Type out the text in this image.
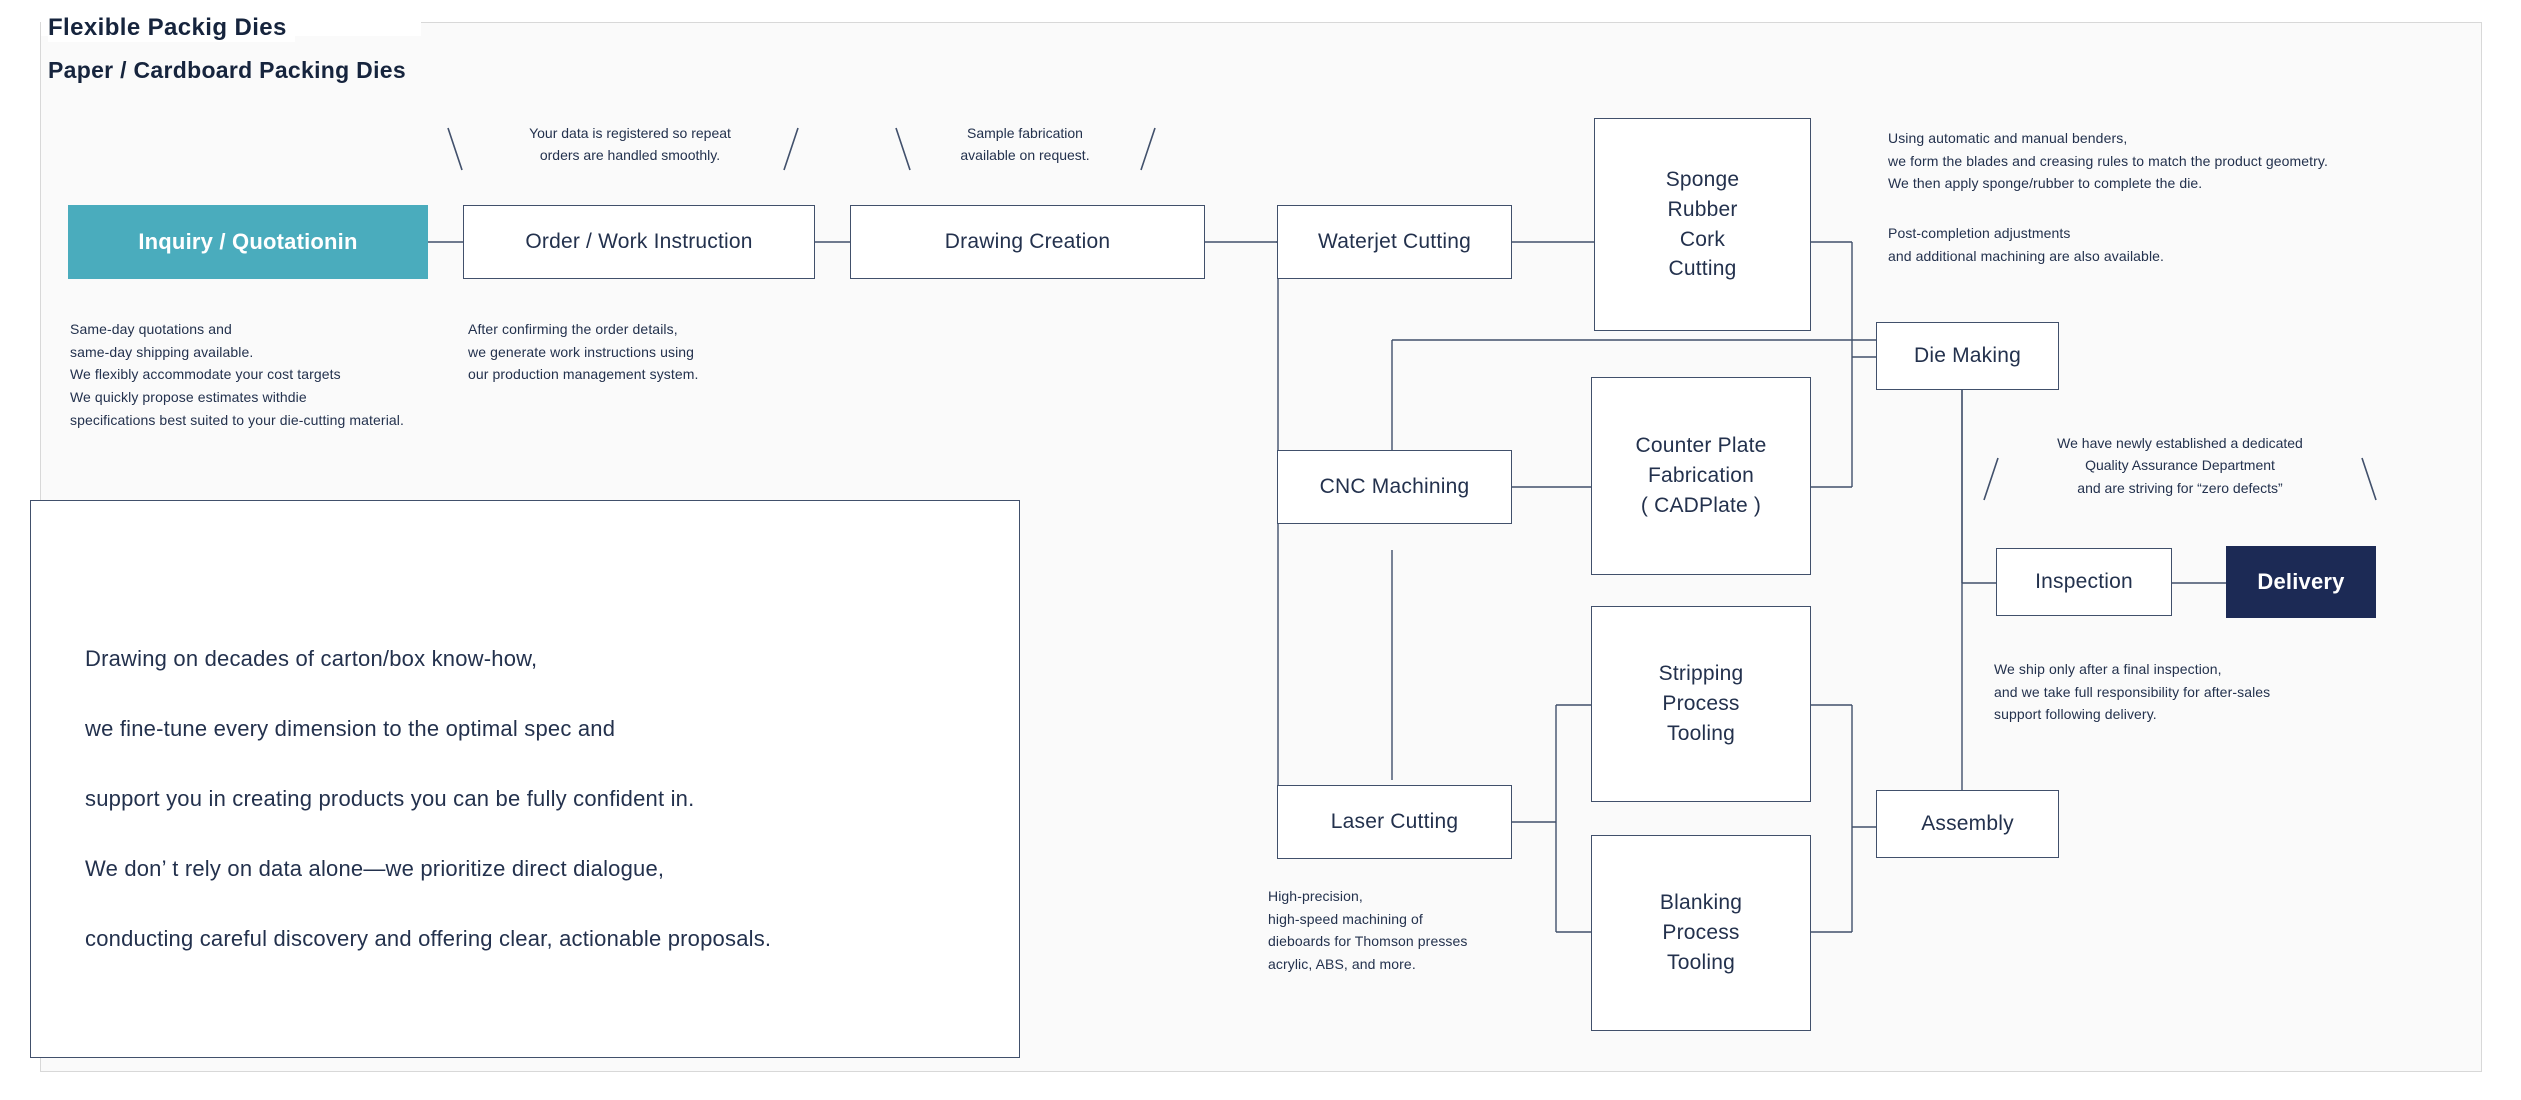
Flexible Packig Dies
Paper / Cardboard Packing Dies
Inquiry / Quotationin	Order / Work Instruction	Drawing Creation	Waterjet Cutting
CNC Machining
Laser Cutting
Sponge
Rubber
Cork
Cutting
Counter Plate
Fabrication
( CADPlate )
Stripping
Process
Tooling
Blanking
Process
Tooling
Die Making
Assembly
Inspection	Delivery
Your data is registered so repeat
orders are handled smoothly.
Sample fabrication
available on request.
We have newly established a dedicated
Quality Assurance Department
and are striving for “zero defects”
Same-day quotations and
same-day shipping available.
We flexibly accommodate your cost targets
We quickly propose estimates withdie
specifications best suited to your die-cutting material.
After confirming the order details,
we generate work instructions using
our production management system.
Using automatic and manual benders,
we form the blades and creasing rules to match the product geometry.
We then apply sponge/rubber to complete the die.
Post-completion adjustments
and additional machining are also available.
We ship only after a final inspection,
and we take full responsibility for after-sales
support following delivery.
High-precision,
high-speed machining of
dieboards for Thomson presses
acrylic, ABS, and more.

Drawing on decades of carton/box know-how,

we fine-tune every dimension to the optimal spec and

support you in creating products you can be fully confident in.

We don’ t rely on data alone—we prioritize direct dialogue,

conducting careful discovery and offering clear, actionable proposals.
